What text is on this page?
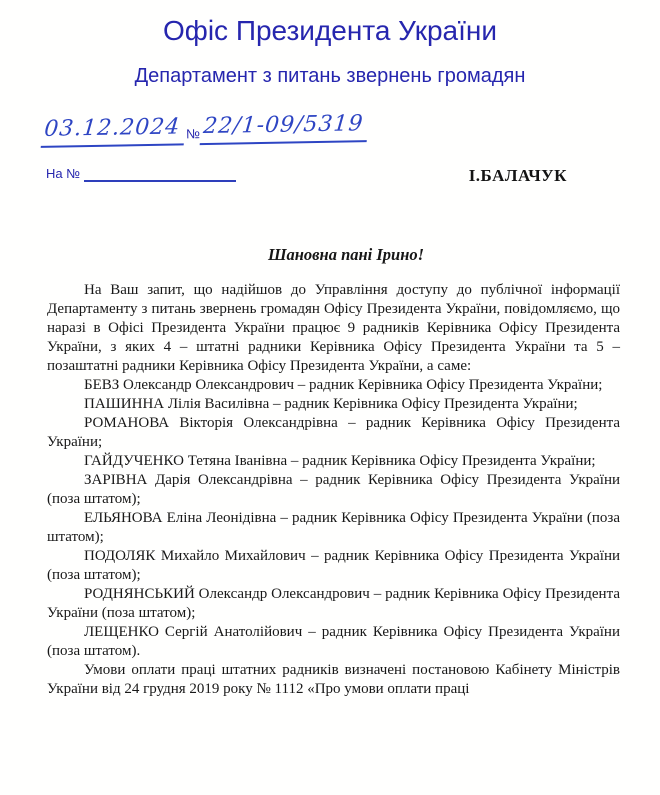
Офіс Президента України
Департамент з питань звернень громадян
03.12.2024 № 22/1-09/5319
На №	І.БАЛАЧУК
Шановна пані Ірино!

На Ваш запит, що надійшов до Управління доступу до публічної інформації Департаменту з питань звернень громадян Офісу Президента України, повідомляємо, що наразі в Офісі Президента України працює 9 радників Керівника Офісу Президента України, з яких 4 – штатні радники Керівника Офісу Президента України та 5 – позаштатні радники Керівника Офісу Президента України, а саме:

БЕВЗ Олександр Олександрович – радник Керівника Офісу Президента України;

ПАШИННА Лілія Василівна – радник Керівника Офісу Президента України;

РОМАНОВА Вікторія Олександрівна – радник Керівника Офісу Президента України;

ГАЙДУЧЕНКО Тетяна Іванівна – радник Керівника Офісу Президента України;

ЗАРІВНА Дарія Олександрівна – радник Керівника Офісу Президента України (поза штатом);

ЕЛЬЯНОВА Еліна Леонідівна – радник Керівника Офісу Президента України (поза штатом);

ПОДОЛЯК Михайло Михайлович – радник Керівника Офісу Президента України (поза штатом);

РОДНЯНСЬКИЙ Олександр Олександрович – радник Керівника Офісу Президента України (поза штатом);

ЛЕЩЕНКО Сергій Анатолійович – радник Керівника Офісу Президента України (поза штатом).

Умови оплати праці штатних радників визначені постановою Кабінету Міністрів України від 24 грудня 2019 року № 1112 «Про умови оплати праці
